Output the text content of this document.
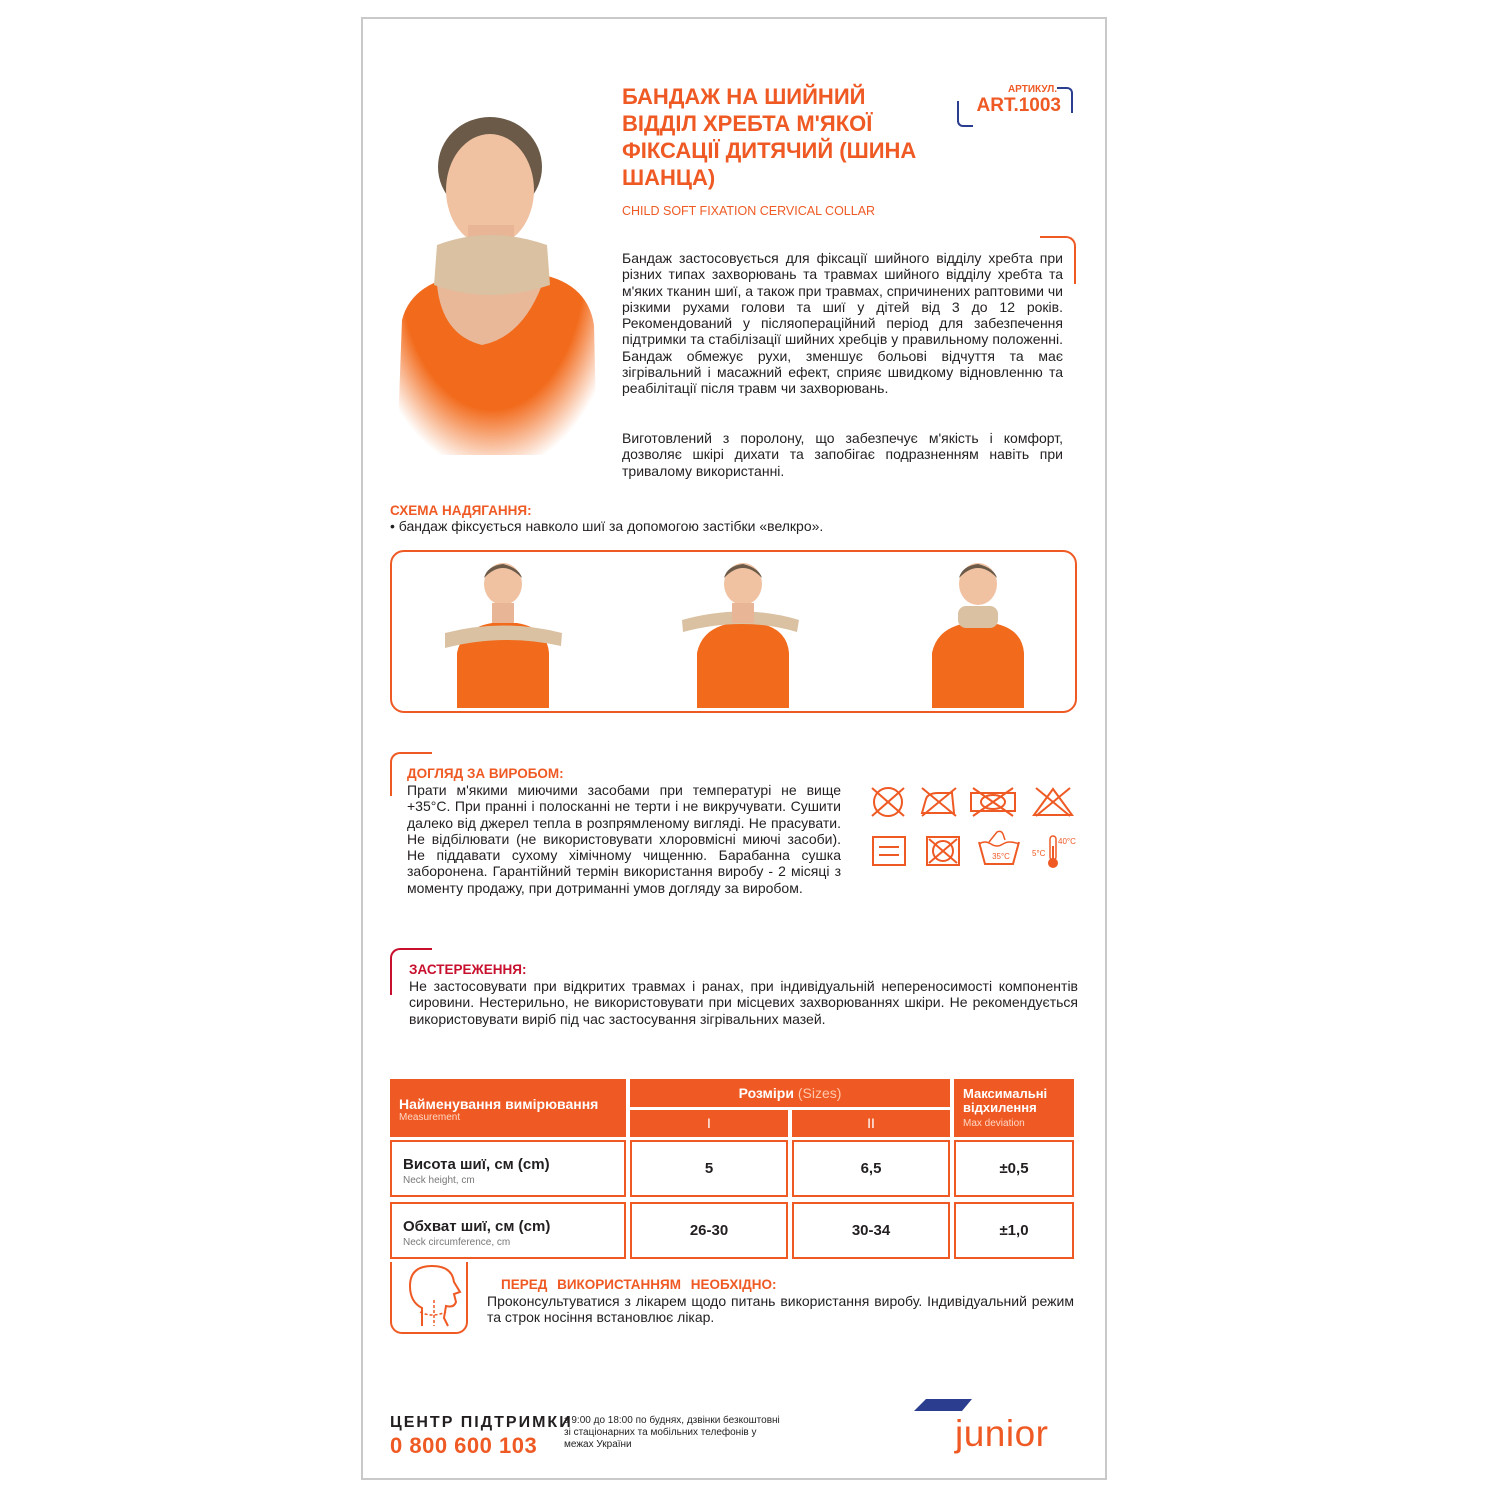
БАНДАЖ НА ШИЙНИЙ ВІДДІЛ ХРЕБТА М'ЯКОЇ ФІКСАЦІЇ ДИТЯЧИЙ (ШИНА ШАНЦА)
CHILD SOFT FIXATION CERVICAL COLLAR
АРТИКУЛ.
ART.1003
Бандаж застосовується для фіксації шийного відділу хребта при різних типах захворювань та травмах шийного відділу хребта та м'яких тканин шиї, а також при травмах, спричинених раптовими чи різкими рухами голови та шиї у дітей від 3 до 12 років. Рекомендований у післяопераційний період для забезпечення підтримки та стабілізації шийних хребців у правильному положенні. Бандаж обмежує рухи, зменшує больові відчуття та має зігрівальний і масажний ефект, сприяє швидкому відновленню та реабілітації після травм чи захворювань.
Виготовлений з поролону, що забезпечує м'якість і комфорт, дозволяє шкірі дихати та запобігає подразненням навіть при тривалому використанні.
СХЕМА НАДЯГАННЯ:
• бандаж фіксується навколо шиї за допомогою застібки «велкро».
ДОГЛЯД ЗА ВИРОБОМ:
Прати м'якими миючими засобами при температурі не вище +35°C. При пранні і полосканні не терти і не викручувати. Сушити далеко від джерел тепла в розпрямленому вигляді. Не прасувати. Не відбілювати (не використовувати хлоровмісні миючі засоби). Не піддавати сухому хімічному чищенню. Барабанна сушка заборонена. Гарантійний термін використання виробу - 2 місяці з моменту продажу, при дотриманні умов догляду за виробом.
35°C	5°C
40°C
ЗАСТЕРЕЖЕННЯ:
Не застосовувати при відкритих травмах і ранах, при індивідуальній непереносимості компонентів сировини. Нестерильно, не використовувати при місцевих захворюваннях шкіри. Не рекомендується використовувати виріб під час застосування зігрівальних мазей.
Найменування вимірювання
Measurement
Розміри (Sizes)
I	II
Максимальні відхилення
Max deviation
Висота шиї, см (cm)
Neck height, cm
5	6,5	±0,5
Обхват шиї, см (cm)
Neck circumference, cm
26-30	30-34	±1,0
ПЕРЕД ВИКОРИСТАННЯМ НЕОБХІДНО:
Проконсультуватися з лікарем щодо питань використання виробу. Індивідуальний режим та строк носіння встановлює лікар.
ЦЕНТР ПІДТРИМКИ
0 800 600 103
з 9:00 до 18:00 по буднях, дзвінки безкоштовні зі стаціонарних та мобільних телефонів у межах України	junior
